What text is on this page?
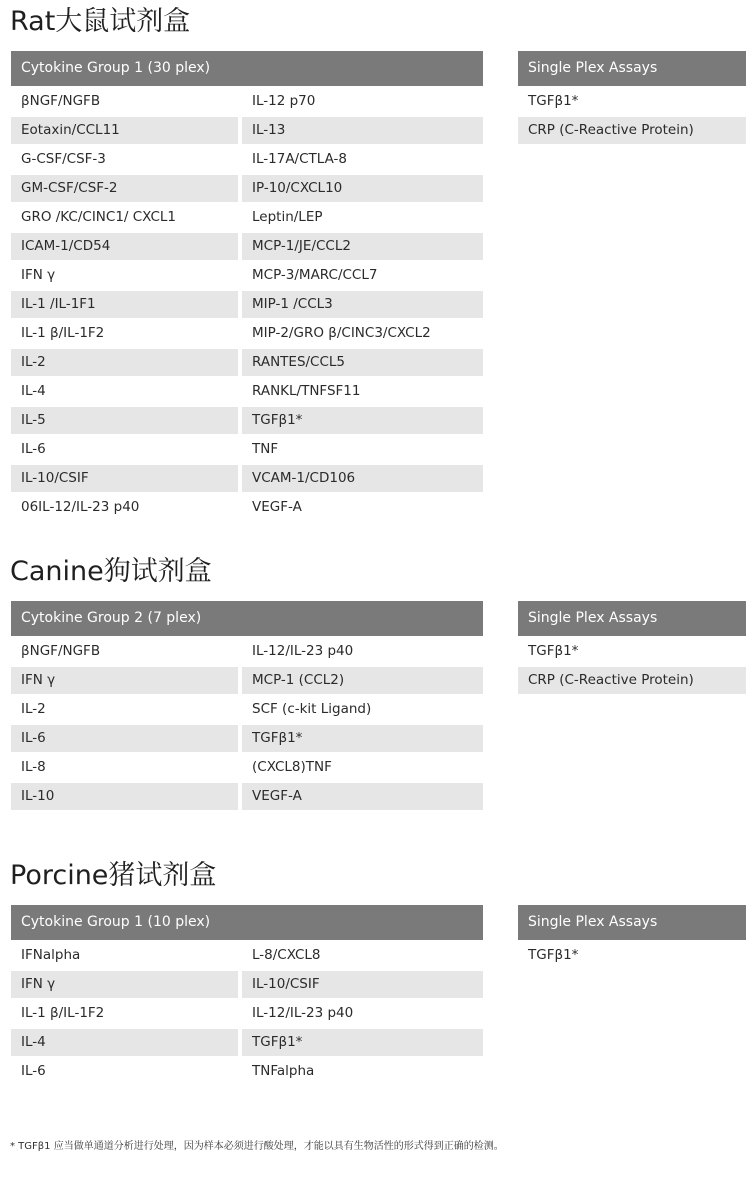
Rat大鼠试剂盒
Cytokine Group 1 (30 plex)
βNGF/NGFB	IL-12 p70
Eotaxin/CCL11	IL-13
G-CSF/CSF-3	IL-17A/CTLA-8
GM-CSF/CSF-2	IP-10/CXCL10
GRO /KC/CINC1/ CXCL1	Leptin/LEP
ICAM-1/CD54	MCP-1/JE/CCL2
IFN γ	MCP-3/MARC/CCL7
IL-1 /IL-1F1	MIP-1 /CCL3
IL-1 β/IL-1F2	MIP-2/GRO β/CINC3/CXCL2
IL-2	RANTES/CCL5
IL-4	RANKL/TNFSF11
IL-5	TGFβ1*
IL-6	TNF
IL-10/CSIF	VCAM-1/CD106
06IL-12/IL-23 p40	VEGF-A
Single Plex Assays
TGFβ1*
CRP (C-Reactive Protein)
Canine狗试剂盒
Cytokine Group 2 (7 plex)
βNGF/NGFB	IL-12/IL-23 p40
IFN γ	MCP-1 (CCL2)
IL-2	SCF (c-kit Ligand)
IL-6	TGFβ1*
IL-8	(CXCL8)TNF
IL-10	VEGF-A
Single Plex Assays
TGFβ1*
CRP (C-Reactive Protein)
Porcine猪试剂盒
Cytokine Group 1 (10 plex)
IFNalpha	L-8/CXCL8
IFN γ	IL-10/CSIF
IL-1 β/IL-1F2	IL-12/IL-23 p40
IL-4	TGFβ1*
IL-6	TNFalpha
Single Plex Assays
TGFβ1*
* TGFβ1 应当做单通道分析进行处理，因为样本必须进行酸处理，才能以具有生物活性的形式得到正确的检测。
